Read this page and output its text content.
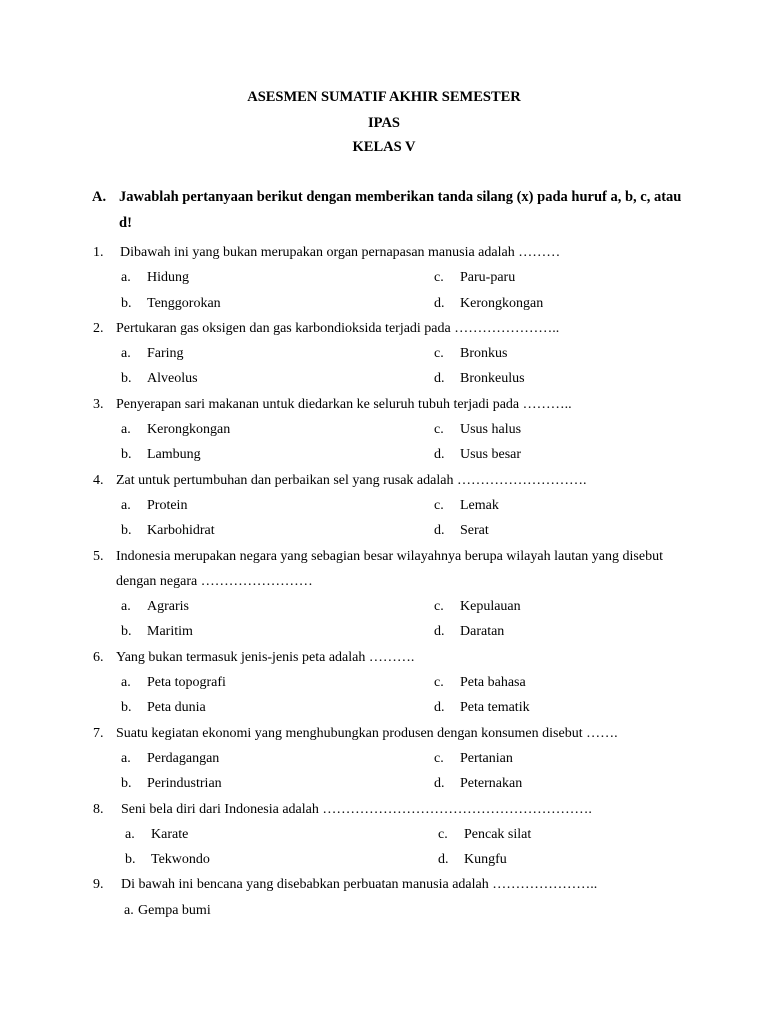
ASESMEN SUMATIF AKHIR SEMESTER
IPAS
KELAS V
A. Jawablah pertanyaan berikut dengan memberikan tanda silang (x) pada huruf a, b, c, atau d!
1. Dibawah ini yang bukan merupakan organ pernapasan manusia adalah ………
a. Hidung
b. Tenggorokan
c. Paru-paru
d. Kerongkongan
2. Pertukaran gas oksigen dan gas karbondioksida terjadi pada …………………..
a. Faring
b. Alveolus
c. Bronkus
d. Bronkeulus
3. Penyerapan sari makanan untuk diedarkan ke seluruh tubuh terjadi pada ………..
a. Kerongkongan
b. Lambung
c. Usus halus
d. Usus besar
4. Zat untuk pertumbuhan dan perbaikan sel yang rusak adalah ……………………….
a. Protein
b. Karbohidrat
c. Lemak
d. Serat
5. Indonesia merupakan negara yang sebagian besar wilayahnya berupa wilayah lautan yang disebut dengan negara ……………………
a. Agraris
b. Maritim
c. Kepulauan
d. Daratan
6. Yang bukan termasuk jenis-jenis peta adalah ……….
a. Peta topografi
b. Peta dunia
c. Peta bahasa
d. Peta tematik
7. Suatu kegiatan ekonomi yang menghubungkan produsen dengan konsumen disebut …….
a. Perdagangan
b. Perindustrian
c. Pertanian
d. Peternakan
8. Seni bela diri dari Indonesia adalah ………………………………………………….
a. Karate
b. Tekwondo
c. Pencak silat
d. Kungfu
9. Di bawah ini bencana yang disebabkan perbuatan manusia adalah …………………..
a. Gempa bumi
